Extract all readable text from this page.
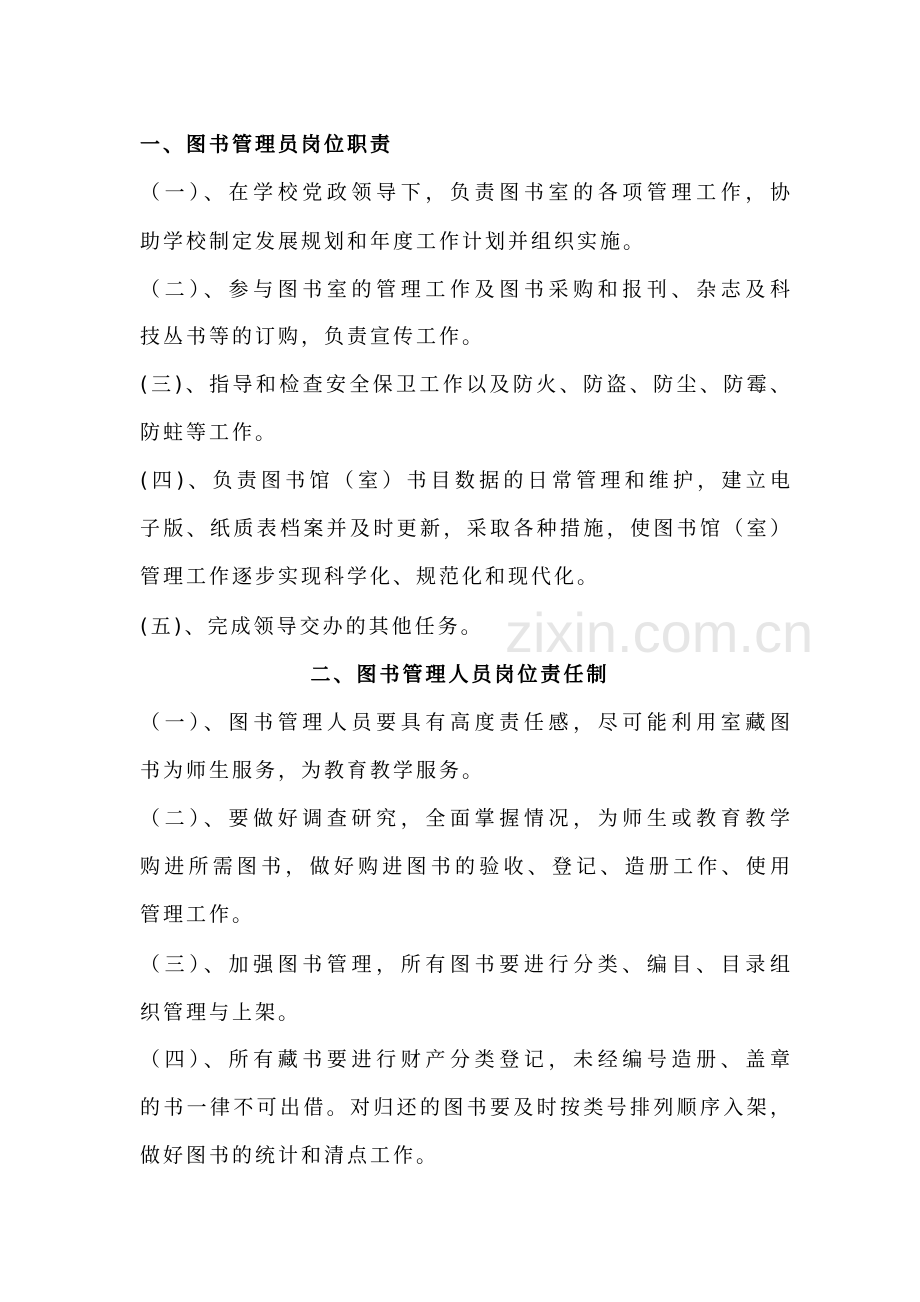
zixin.com.cn
一、图书管理员岗位职责
（一）、在学校党政领导下，负责图书室的各项管理工作，协
助学校制定发展规划和年度工作计划并组织实施。
（二）、参与图书室的管理工作及图书采购和报刊、杂志及科
技丛书等的订购，负责宣传工作。
(三)、指导和检查安全保卫工作以及防火、防盗、防尘、防霉、
防蛀等工作。
(四)、负责图书馆（室）书目数据的日常管理和维护，建立电
子版、纸质表档案并及时更新，采取各种措施，使图书馆（室）
管理工作逐步实现科学化、规范化和现代化。
(五)、完成领导交办的其他任务。
二、图书管理人员岗位责任制
（一）、图书管理人员要具有高度责任感，尽可能利用室藏图
书为师生服务，为教育教学服务。
（二）、要做好调查研究，全面掌握情况，为师生或教育教学
购进所需图书，做好购进图书的验收、登记、造册工作、使用
管理工作。
（三）、加强图书管理，所有图书要进行分类、编目、目录组
织管理与上架。
（四）、所有藏书要进行财产分类登记，未经编号造册、盖章
的书一律不可出借。对归还的图书要及时按类号排列顺序入架，
做好图书的统计和清点工作。
